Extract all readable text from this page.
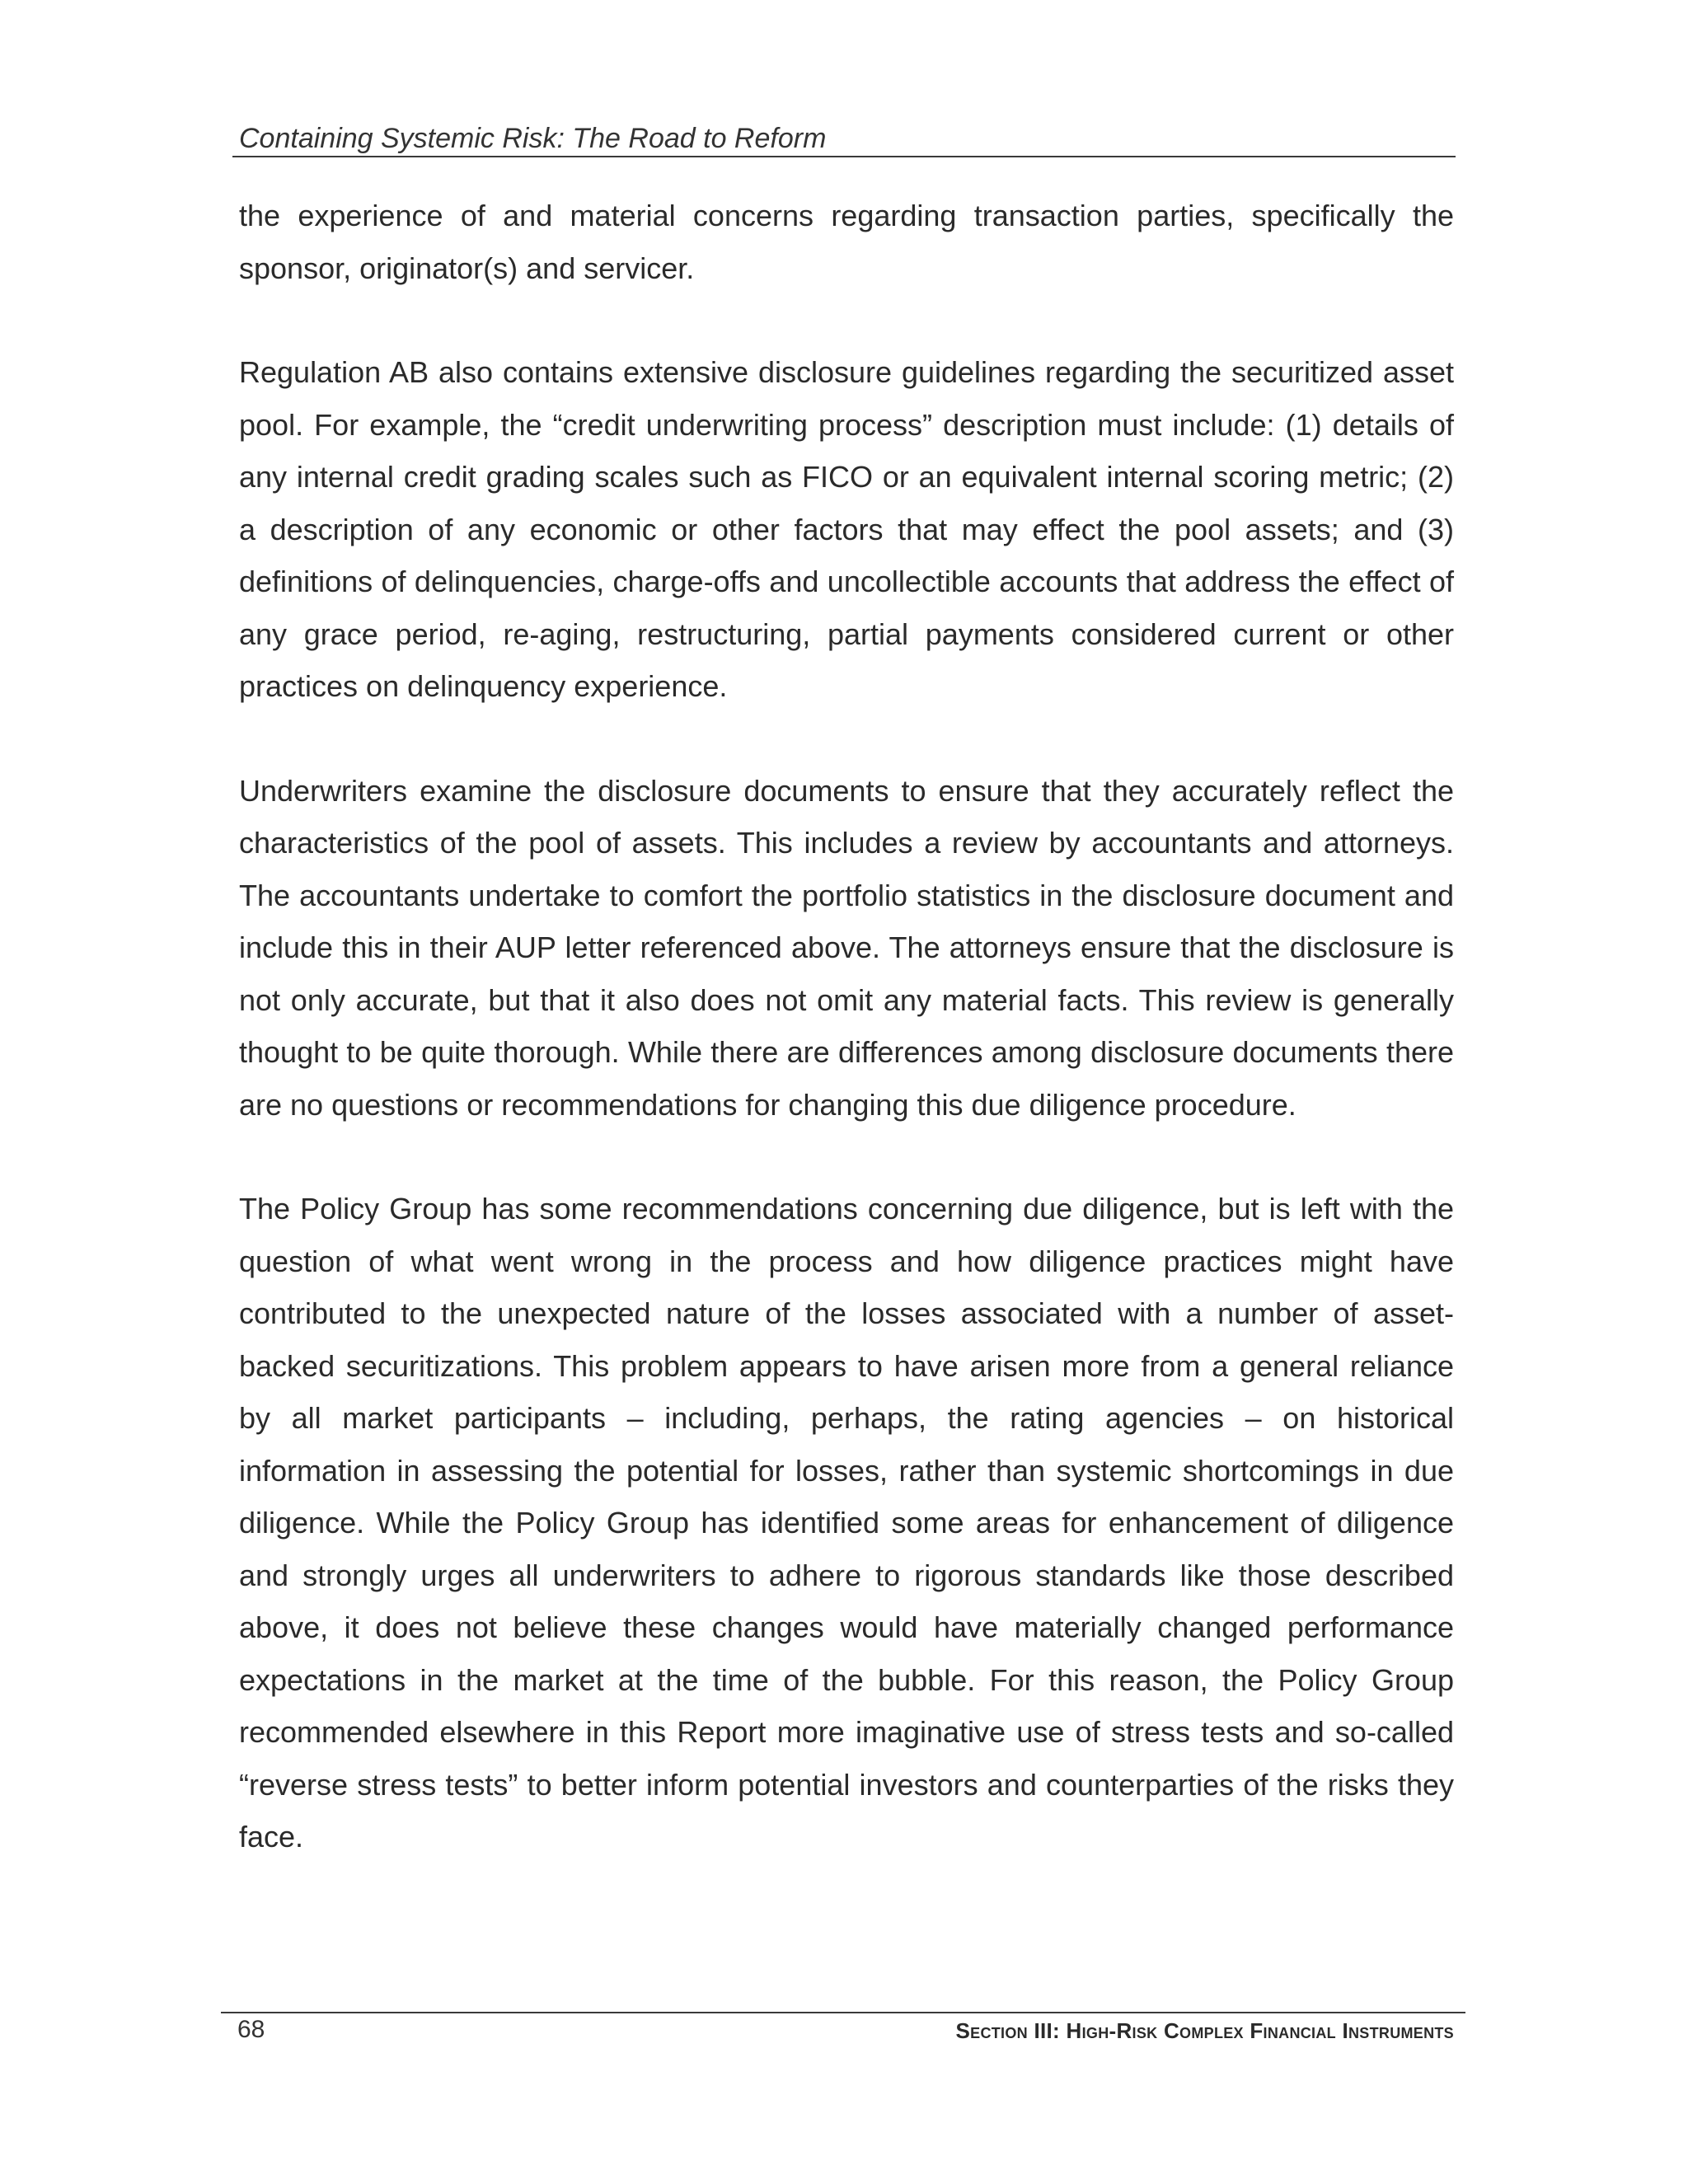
Containing Systemic Risk: The Road to Reform

the experience of and material concerns regarding transaction parties, specifically the sponsor, originator(s) and servicer.

Regulation AB also contains extensive disclosure guidelines regarding the securitized asset pool. For example, the “credit underwriting process” description must include: (1) details of any internal credit grading scales such as FICO or an equivalent internal scoring metric; (2) a description of any economic or other factors that may effect the pool assets; and (3) definitions of delinquencies, charge-offs and uncollectible accounts that address the effect of any grace period, re-aging, restructuring, partial payments considered current or other practices on delinquency experience.

Underwriters examine the disclosure documents to ensure that they accurately reflect the characteristics of the pool of assets. This includes a review by accountants and attorneys. The accountants undertake to comfort the portfolio statistics in the disclosure document and include this in their AUP letter referenced above. The attorneys ensure that the disclosure is not only accurate, but that it also does not omit any material facts. This review is generally thought to be quite thorough. While there are differences among disclosure documents there are no questions or recommendations for changing this due diligence procedure.

The Policy Group has some recommendations concerning due diligence, but is left with the question of what went wrong in the process and how diligence practices might have contributed to the unexpected nature of the losses associated with a number of asset-backed securitizations. This problem appears to have arisen more from a general reliance by all market participants – including, perhaps, the rating agencies – on historical information in assessing the potential for losses, rather than systemic shortcomings in due diligence. While the Policy Group has identified some areas for enhancement of diligence and strongly urges all underwriters to adhere to rigorous standards like those described above, it does not believe these changes would have materially changed performance expectations in the market at the time of the bubble. For this reason, the Policy Group recommended elsewhere in this Report more imaginative use of stress tests and so-called “reverse stress tests” to better inform potential investors and counterparties of the risks they face.

68	Section III: High-Risk Complex Financial Instruments
